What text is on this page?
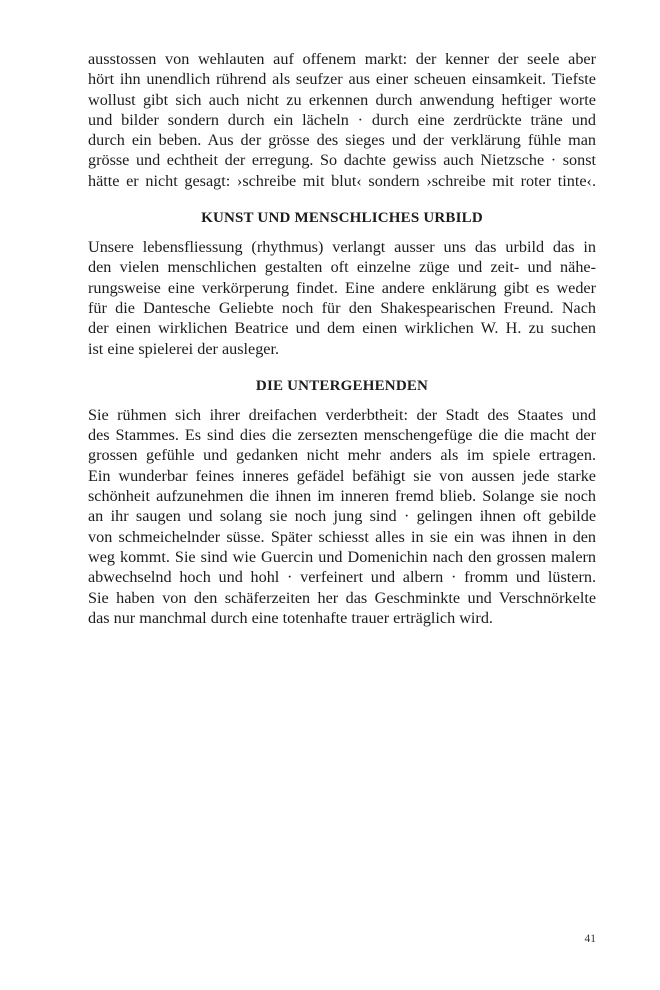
ausstossen von wehlauten auf offenem markt: der kenner der seele aber
hört ihn unendlich rührend als seufzer aus einer scheuen einsamkeit. Tiefste
wollust gibt sich auch nicht zu erkennen durch anwendung heftiger worte
und bilder sondern durch ein lächeln · durch eine zerdrückte träne und
durch ein beben. Aus der grösse des sieges und der verklärung fühle man
grösse und echtheit der erregung. So dachte gewiss auch Nietzsche · sonst
hätte er nicht gesagt: ›schreibe mit blut‹ sondern ›schreibe mit roter tinte‹.

KUNST UND MENSCHLICHES URBILD

Unsere lebensfliessung (rhythmus) verlangt ausser uns das urbild das in
den vielen menschlichen gestalten oft einzelne züge und zeit- und nähe-
rungsweise eine verkörperung findet. Eine andere enklärung gibt es weder
für die Dantesche Geliebte noch für den Shakespearischen Freund. Nach
der einen wirklichen Beatrice und dem einen wirklichen W. H. zu suchen
ist eine spielerei der ausleger.

DIE UNTERGEHENDEN

Sie rühmen sich ihrer dreifachen verderbtheit: der Stadt des Staates und
des Stammes. Es sind dies die zersezten menschengefüge die die macht der
grossen gefühle und gedanken nicht mehr anders als im spiele ertragen.
Ein wunderbar feines inneres gefädel befähigt sie von aussen jede starke
schönheit aufzunehmen die ihnen im inneren fremd blieb. Solange sie noch
an ihr saugen und solang sie noch jung sind · gelingen ihnen oft gebilde
von schmeichelnder süsse. Später schiesst alles in sie ein was ihnen in den
weg kommt. Sie sind wie Guercin und Domenichin nach den grossen malern
abwechselnd hoch und hohl · verfeinert und albern · fromm und lüstern.
Sie haben von den schäferzeiten her das Geschminkte und Verschnörkelte
das nur manchmal durch eine totenhafte trauer erträglich wird.

41
